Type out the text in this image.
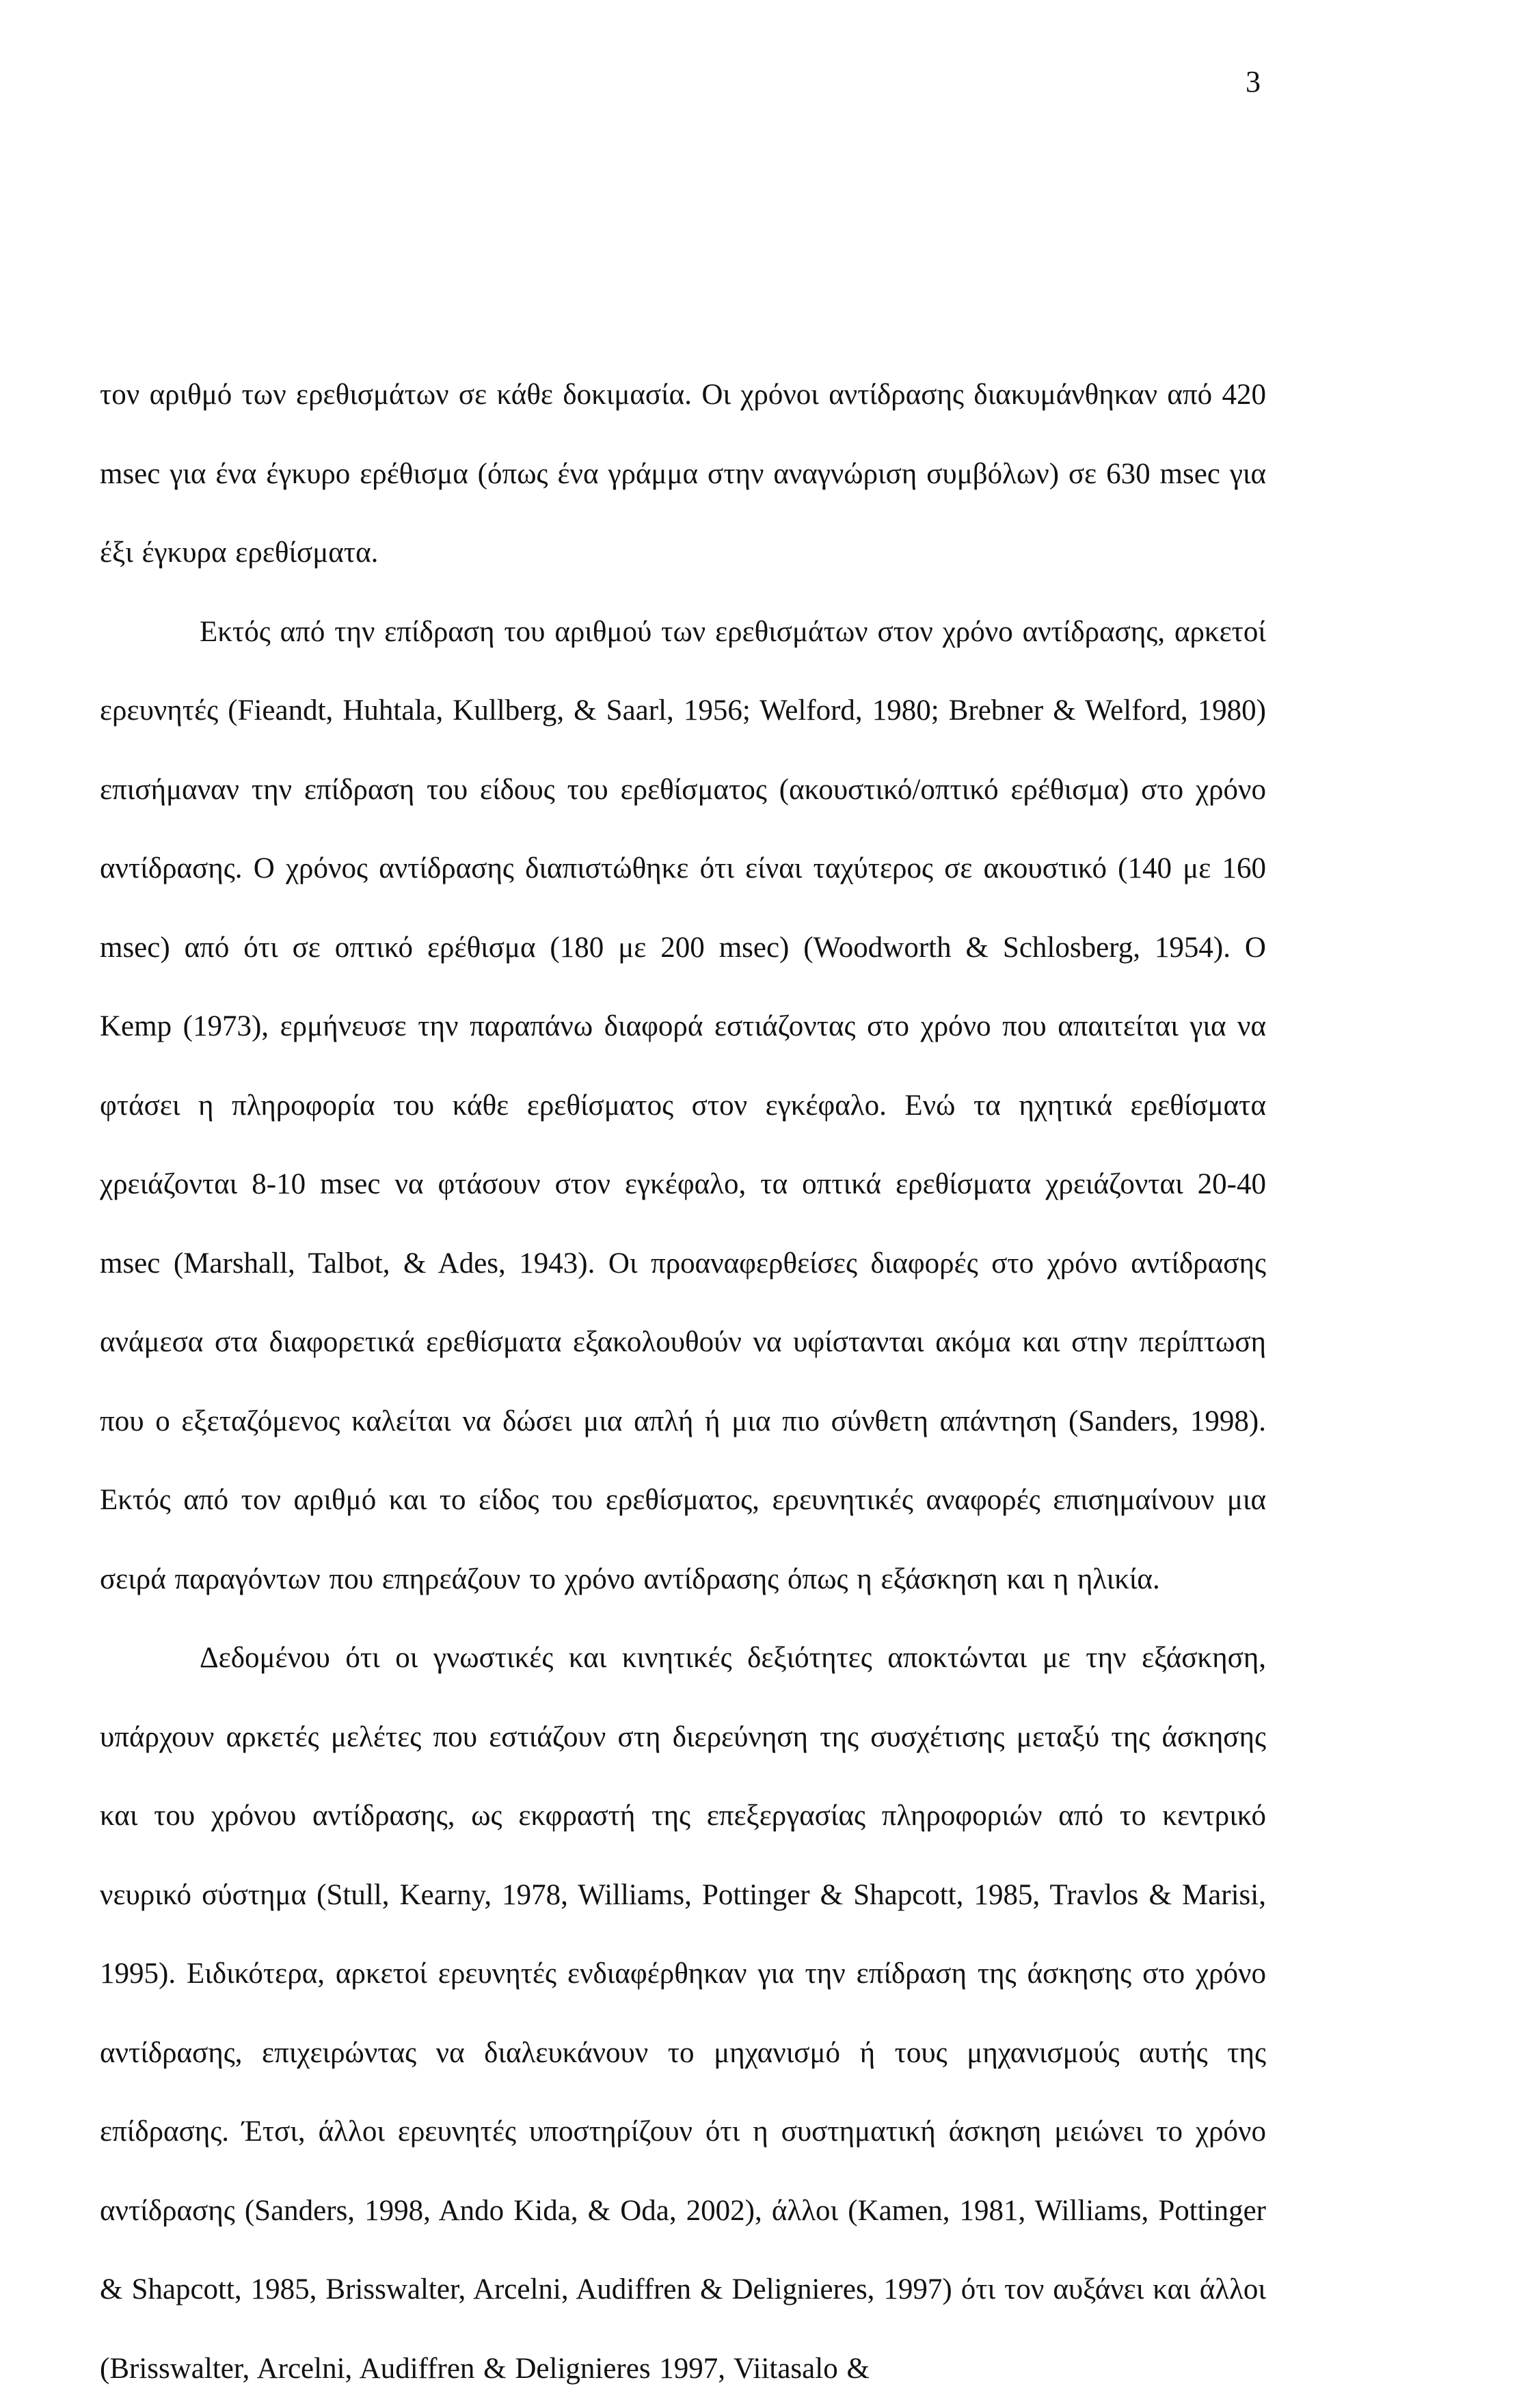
3

τον αριθμό των ερεθισμάτων σε κάθε δοκιμασία. Οι χρόνοι αντίδρασης διακυμάνθηκαν από 420 msec για ένα έγκυρο ερέθισμα (όπως ένα γράμμα στην αναγνώριση συμβόλων) σε 630 msec για έξι έγκυρα ερεθίσματα.

Εκτός από την επίδραση του αριθμού των ερεθισμάτων στον χρόνο αντίδρασης, αρκετοί ερευνητές (Fieandt, Huhtala, Kullberg, & Saarl, 1956; Welford, 1980; Brebner & Welford, 1980) επισήμαναν την επίδραση του είδους του ερεθίσματος (ακουστικό/οπτικό ερέθισμα) στο χρόνο αντίδρασης. Ο χρόνος αντίδρασης διαπιστώθηκε ότι είναι ταχύτερος σε ακουστικό (140 με 160 msec) από ότι σε οπτικό ερέθισμα (180 με 200 msec) (Woodworth & Schlosberg, 1954). Ο Kemp (1973), ερμήνευσε την παραπάνω διαφορά εστιάζοντας στο χρόνο που απαιτείται για να φτάσει η πληροφορία του κάθε ερεθίσματος στον εγκέφαλο. Ενώ τα ηχητικά ερεθίσματα χρειάζονται 8-10 msec να φτάσουν στον εγκέφαλο, τα οπτικά ερεθίσματα χρειάζονται 20-40 msec (Marshall, Talbot, & Ades, 1943). Οι προαναφερθείσες διαφορές στο χρόνο αντίδρασης ανάμεσα στα διαφορετικά ερεθίσματα εξακολουθούν να υφίστανται ακόμα και στην περίπτωση που ο εξεταζόμενος καλείται να δώσει μια απλή ή μια πιο σύνθετη απάντηση (Sanders, 1998). Εκτός από τον αριθμό και το είδος του ερεθίσματος, ερευνητικές αναφορές επισημαίνουν μια σειρά παραγόντων που επηρεάζουν το χρόνο αντίδρασης όπως η εξάσκηση και η ηλικία.

Δεδομένου ότι οι γνωστικές και κινητικές δεξιότητες αποκτώνται με την εξάσκηση, υπάρχουν αρκετές μελέτες που εστιάζουν στη διερεύνηση της συσχέτισης μεταξύ της άσκησης και του χρόνου αντίδρασης, ως εκφραστή της επεξεργασίας πληροφοριών από το κεντρικό νευρικό σύστημα (Stull, Kearny, 1978, Williams, Pottinger & Shapcott, 1985, Travlos & Marisi, 1995). Ειδικότερα, αρκετοί ερευνητές ενδιαφέρθηκαν για την επίδραση της άσκησης στο χρόνο αντίδρασης, επιχειρώντας να διαλευκάνουν το μηχανισμό ή τους μηχανισμούς αυτής της επίδρασης. Έτσι, άλλοι ερευνητές υποστηρίζουν ότι η συστηματική άσκηση μειώνει το χρόνο αντίδρασης (Sanders, 1998, Ando Kida, & Oda, 2002), άλλοι (Kamen, 1981, Williams, Pottinger & Shapcott, 1985, Brisswalter, Arcelni, Audiffren & Delignieres, 1997) ότι τον αυξάνει και άλλοι (Brisswalter, Arcelni, Audiffren & Delignieres 1997, Viitasalo &
